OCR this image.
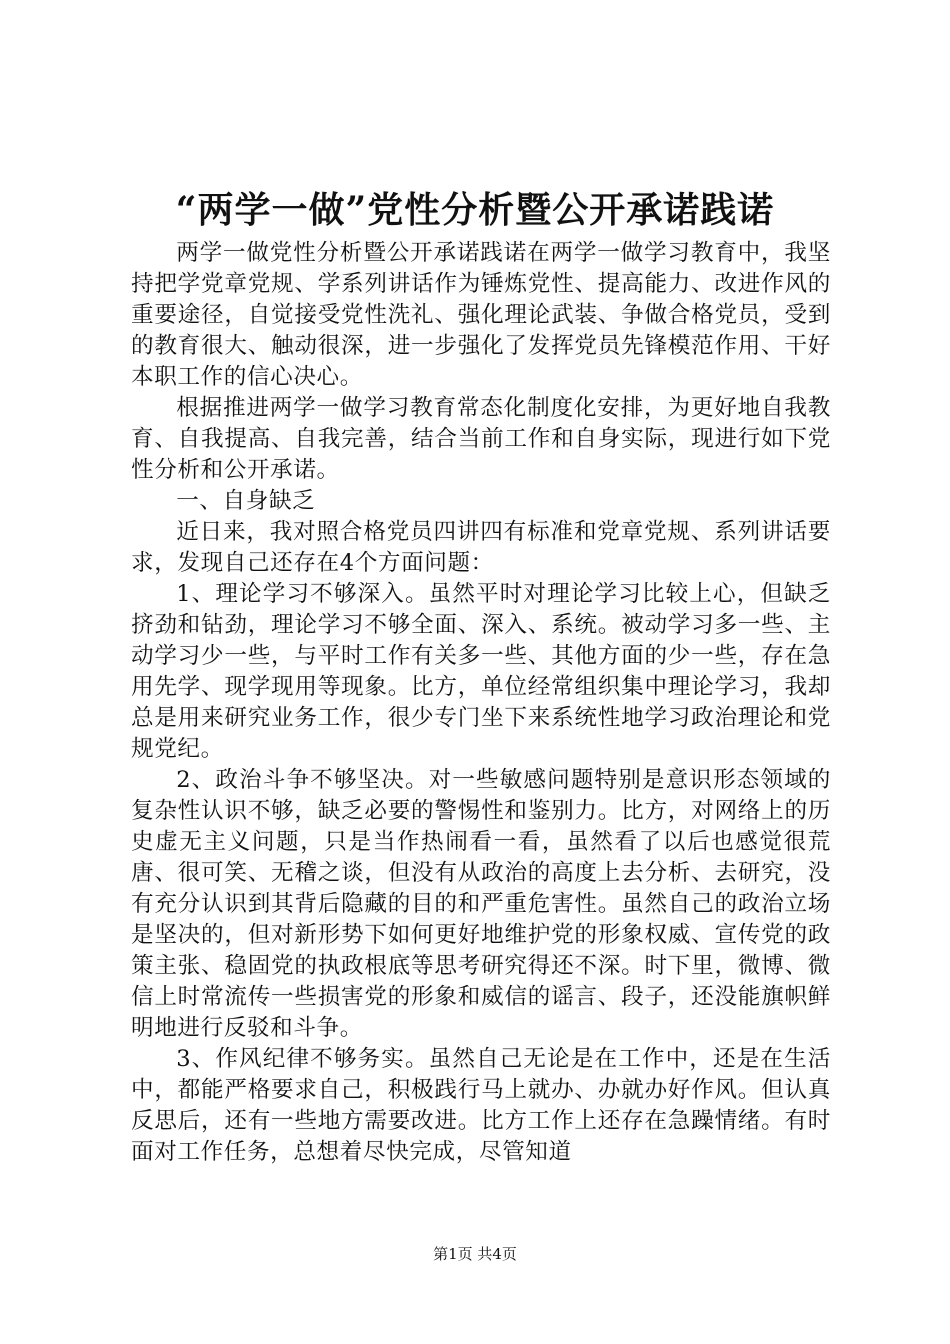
“两学一做”党性分析暨公开承诺践诺

两学一做党性分析暨公开承诺践诺在两学一做学习教育中，我坚持把学党章党规、学系列讲话作为锤炼党性、提高能力、改进作风的重要途径，自觉接受党性洗礼、强化理论武装、争做合格党员，受到的教育很大、触动很深，进一步强化了发挥党员先锋模范作用、干好本职工作的信心决心。

根据推进两学一做学习教育常态化制度化安排，为更好地自我教育、自我提高、自我完善，结合当前工作和自身实际，现进行如下党性分析和公开承诺。

一、自身缺乏

近日来，我对照合格党员四讲四有标准和党章党规、系列讲话要求，发现自己还存在4个方面问题：

1、理论学习不够深入。虽然平时对理论学习比较上心，但缺乏挤劲和钻劲，理论学习不够全面、深入、系统。被动学习多一些、主动学习少一些，与平时工作有关多一些、其他方面的少一些，存在急用先学、现学现用等现象。比方，单位经常组织集中理论学习，我却总是用来研究业务工作，很少专门坐下来系统性地学习政治理论和党规党纪。

2、政治斗争不够坚决。对一些敏感问题特别是意识形态领域的复杂性认识不够，缺乏必要的警惕性和鉴别力。比方，对网络上的历史虚无主义问题，只是当作热闹看一看，虽然看了以后也感觉很荒唐、很可笑、无稽之谈，但没有从政治的高度上去分析、去研究，没有充分认识到其背后隐藏的目的和严重危害性。虽然自己的政治立场是坚决的，但对新形势下如何更好地维护党的形象权威、宣传党的政策主张、稳固党的执政根底等思考研究得还不深。时下里，微博、微信上时常流传一些损害党的形象和威信的谣言、段子，还没能旗帜鲜明地进行反驳和斗争。

3、作风纪律不够务实。虽然自己无论是在工作中，还是在生活中，都能严格要求自己，积极践行马上就办、办就办好作风。但认真反思后，还有一些地方需要改进。比方工作上还存在急躁情绪。有时面对工作任务，总想着尽快完成，尽管知道

第1页 共4页
